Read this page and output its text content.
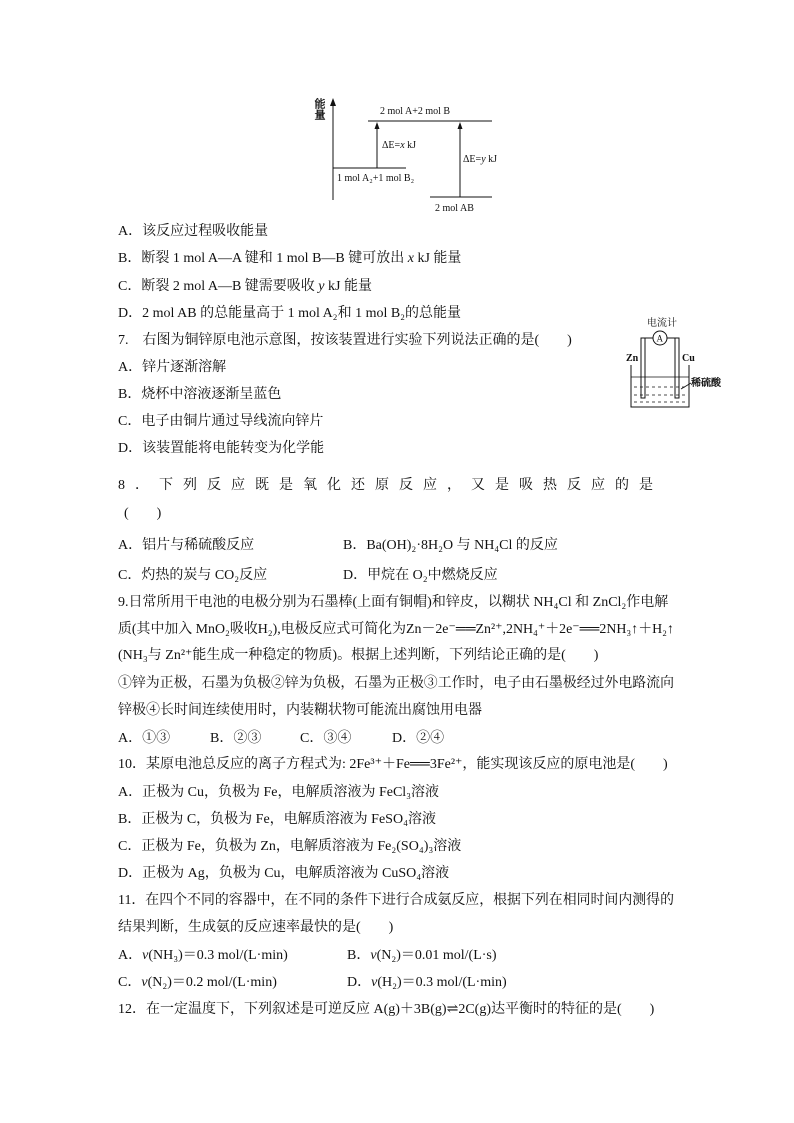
能量	2 mol A+2 mol B
1 mol A₂+1 mol B₂
2 mol AB
ΔE=x kJ
ΔE=y kJ
A．该反应过程吸收能量
B．断裂 1 mol A—A 键和 1 mol B—B 键可放出 x kJ 能量
C．断裂 2 mol A—B 键需要吸收 y kJ 能量
D．2 mol AB 的总能量高于 1 mol A₂和 1 mol B₂的总能量
7.　右图为铜锌原电池示意图，按该装置进行实验下列说法正确的是(　　)
A．锌片逐渐溶解
B．烧杯中溶液逐渐呈蓝色
C．电子由铜片通过导线流向锌片
D．该装置能将电能转变为化学能
电流计
A
Zn	Cu
稀硫酸
8．下列反应既是氧化还原反应，又是吸热反应的是
(　　)
A．铝片与稀硫酸反应	B．Ba(OH)₂·8H₂O 与 NH₄Cl 的反应
C．灼热的炭与 CO₂反应	D．甲烷在 O₂中燃烧反应
9.日常所用干电池的电极分别为石墨棒(上面有铜帽)和锌皮，以糊状 NH₄Cl 和 ZnCl₂作电解
质(其中加入 MnO₂吸收H₂),电极反应式可简化为Zn－2e⁻══Zn²⁺,2NH₄⁺＋2e⁻══2NH₃↑＋H₂↑
(NH₃与 Zn²⁺能生成一种稳定的物质)。根据上述判断，下列结论正确的是(　　)
①锌为正极，石墨为负极②锌为负极，石墨为正极③工作时，电子由石墨极经过外电路流向
锌极④长时间连续使用时，内装糊状物可能流出腐蚀用电器
A．①③	B．②③	C．③④	D．②④
10．某原电池总反应的离子方程式为: 2Fe³⁺＋Fe══3Fe²⁺，能实现该反应的原电池是(　　)
A．正极为 Cu，负极为 Fe，电解质溶液为 FeCl₃溶液
B．正极为 C，负极为 Fe，电解质溶液为 FeSO₄溶液
C．正极为 Fe，负极为 Zn，电解质溶液为 Fe₂(SO₄)₃溶液
D．正极为 Ag，负极为 Cu，电解质溶液为 CuSO₄溶液
11．在四个不同的容器中，在不同的条件下进行合成氨反应，根据下列在相同时间内测得的
结果判断，生成氨的反应速率最快的是(　　)
A．v(NH₃)＝0.3 mol/(L·min)	B．v(N₂)＝0.01 mol/(L·s)
C．v(N₂)＝0.2 mol/(L·min)	D．v(H₂)＝0.3 mol/(L·min)
12．在一定温度下，下列叙述是可逆反应 A(g)＋3B(g)⇌2C(g)达平衡时的特征的是(　　)
